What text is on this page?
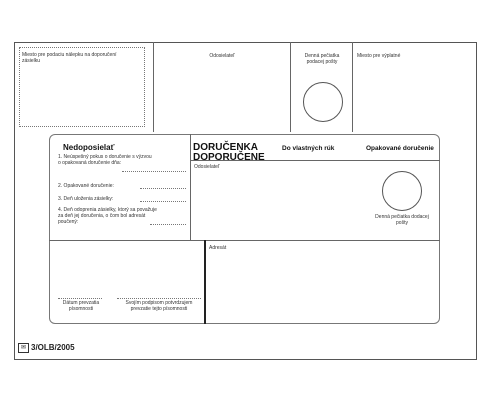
Miesto pre podaciu nálepku na doporučení zásielku
Odosielateľ	Denná pečiatka podacej pošty
Miesto pre výplatné
Nedoposielať
1. Neúspešný pokus o doručenie s výzvou o opakovaná doručenie dňa:
2. Opakované doručenie:
3. Deň uloženia zásielky:
4. Deň odoprenia zásielky, ktorý sa považuje za deň jej doručenia, o čom bol adresát poučený:
DORUČENKA
DOPORUČENE
Do vlastných rúk	Opakované doručenie
Odosielateľ
Denná pečiatka dodacej pošty
Adresát
Dátum prevzatia písomnosti
Svojím podpisom potvrdzujem prevzatie tejto písomnosti
✉ 3/OLB/2005
